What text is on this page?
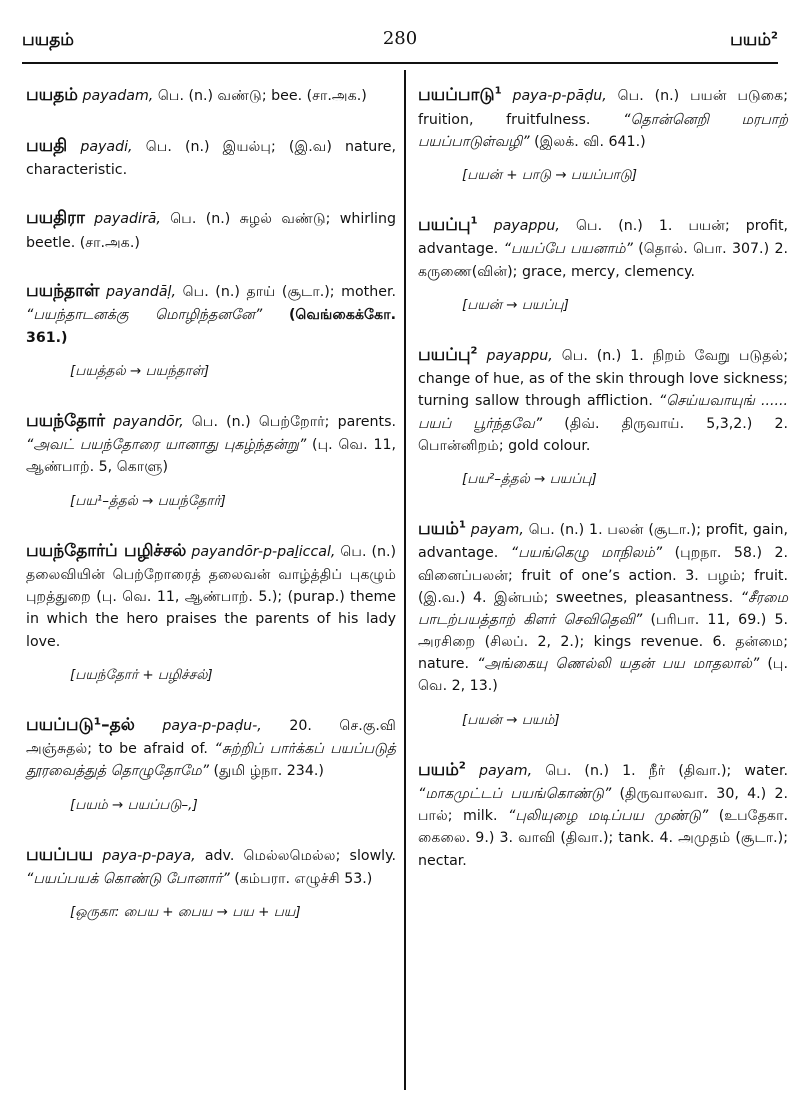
பயதம்	280	பயம்$^2$
பயதம் payadam, பெ. (n.) வண்டு; bee. (சா.அக.)
பயதி payadi, பெ. (n.) இயல்பு; (இ.வ) nature, characteristic.
பயதிரா payadirā, பெ. (n.) சுழல் வண்டு; whirling beetle. (சா.அக.)
பயந்தாள் payandāḷ, பெ. (n.) தாய் (சூடா.); mother. “பயந்தாடனக்கு மொழிந்தனனே” (வெங்கைக்கோ. 361.)
[பயத்தல் → பயந்தாள்]
பயந்தோர் payandōr, பெ. (n.) பெற்றோர்; parents. “அவட் பயந்தோரை யானாது புகழ்ந்தன்று” (பு. வெ. 11, ஆண்பாற். 5, கொளு)
[பய¹–த்தல் → பயந்தோர்]
பயந்தோர்ப் பழிச்சல் payandōr-p-paḻiccal, பெ. (n.) தலைவியின் பெற்றோரைத் தலைவன் வாழ்த்திப் புகழும் புறத்துறை (பு. வெ. 11, ஆண்பாற். 5.); (purap.) theme in which the hero praises the parents of his lady love.
[பயந்தோர் + பழிச்சல்]
பயப்படு¹–தல் paya-p-paḍu-, 20. செ.கு.வி அஞ்சுதல்; to be afraid of. “சுற்றிப் பார்க்கப் பயப்படுத் தூரவைத்துத் தொழுதோமே” (துமி ழ்நா. 234.)
[பயம் → பயப்படு–,]
பயப்பய paya-p-paya, adv. மெல்லமெல்ல; slowly. “பயப்பயக் கொண்டு போனார்” (கம்பரா. எழுச்சி 53.)
[ஒருகா: பைய + பைய → பய + பய]
பயப்பாடு$^1$ paya-p-pāḍu, பெ. (n.) பயன் படுகை; fruition, fruitfulness. “தொன்னெறி மரபாற் பயப்பாடுள்வழி” (இலக். வி. 641.)
[பயன் + பாடு → பயப்பாடு]
பயப்பு$^1$ payappu, பெ. (n.) 1. பயன்; profit, advantage. “பயப்பே பயனாம்” (தொல். பொ. 307.) 2. கருணை(வின்); grace, mercy, clemency.
[பயன் → பயப்பு]
பயப்பு$^2$ payappu, பெ. (n.) 1. நிறம் வேறு படுதல்; change of hue, as of the skin through love sickness; turning sallow through affliction. “செய்யவாயுங் ...... பயப் பூர்ந்தவே” (திவ். திருவாய். 5,3,2.) 2. பொன்னிறம்; gold colour.
[பய²–த்தல் → பயப்பு]
பயம்$^1$ payam, பெ. (n.) 1. பலன் (சூடா.); profit, gain, advantage. “பயங்கெழு மாநிலம்” (புறநா. 58.) 2. வினைப்பலன்; fruit of one’s action. 3. பழம்; fruit. (இ.வ.) 4. இன்பம்; sweetnes, pleasantness. “சீரமை பாடற்பயத்தாற் கிளர் செவிதெவி” (பரிபா. 11, 69.) 5. அரசிறை (சிலப். 2, 2.); kings revenue. 6. தன்மை; nature. “அங்கையு ணெல்லி யதன் பய மாதலால்” (பு. வெ. 2, 13.)
[பயன் → பயம்]
பயம்$^2$ payam, பெ. (n.) 1. நீர் (திவா.); water. “மாகமுட்டப் பயங்கொண்டு” (திருவாலவா. 30, 4.) 2. பால்; milk. “புலியுழை மடிப்பய முண்டு” (உபதேகா. கைலை. 9.) 3. வாவி (திவா.); tank. 4. அமுதம் (சூடா.); nectar.
